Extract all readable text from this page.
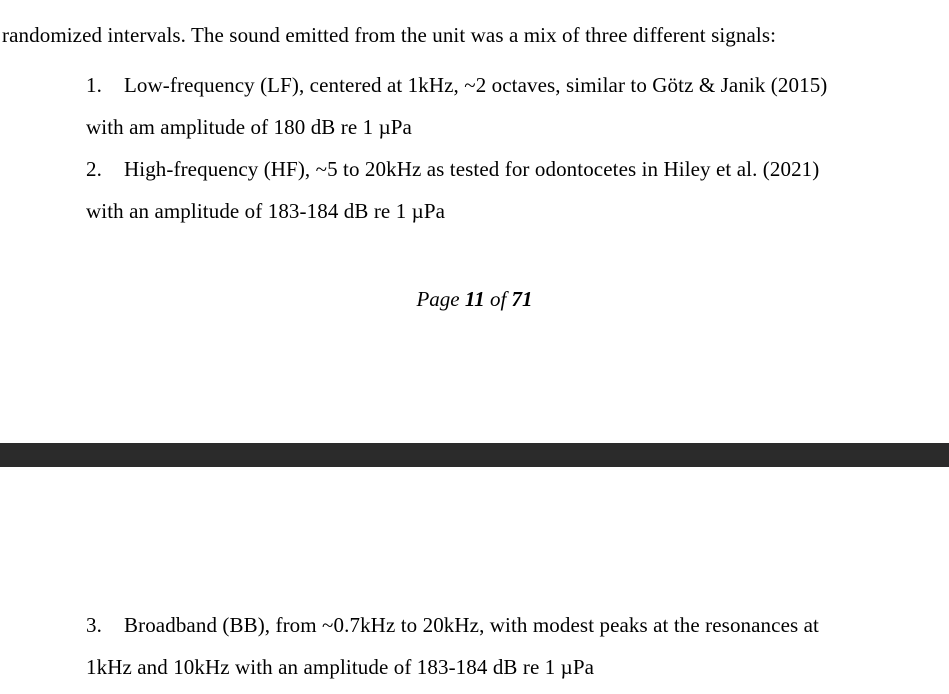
randomized intervals. The sound emitted from the unit was a mix of three different signals:
1. Low-frequency (LF), centered at 1kHz, ~2 octaves, similar to Götz & Janik (2015)
with am amplitude of 180 dB re 1 µPa
2. High-frequency (HF), ~5 to 20kHz as tested for odontocetes in Hiley et al. (2021)
with an amplitude of 183-184 dB re 1 µPa
Page 11 of 71
3. Broadband (BB), from ~0.7kHz to 20kHz, with modest peaks at the resonances at
1kHz and 10kHz with an amplitude of 183-184 dB re 1 µPa
